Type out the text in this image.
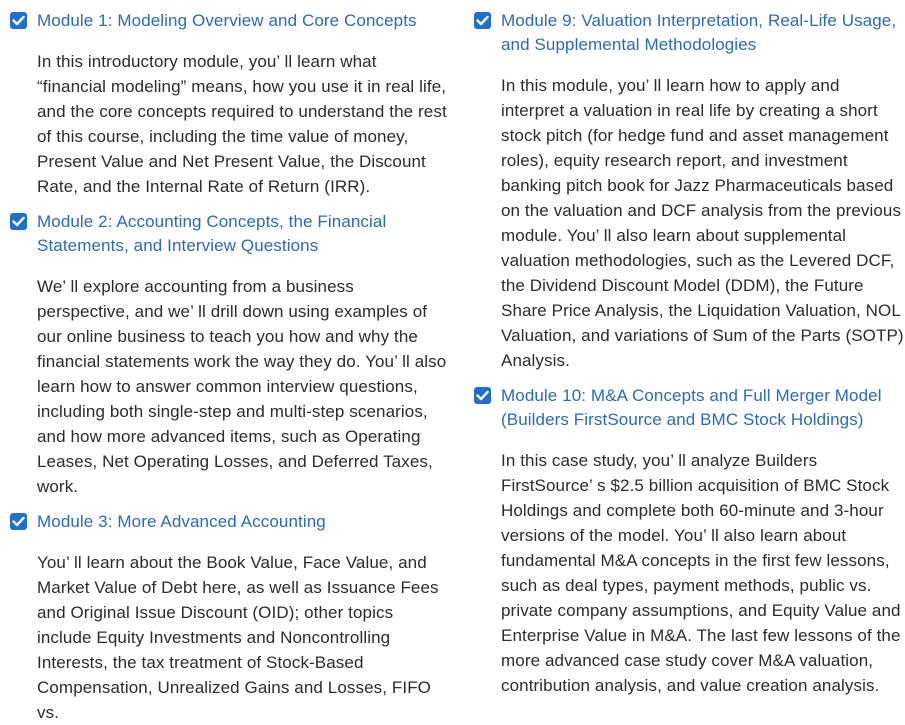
Module 1: Modeling Overview and Core Concepts

In this introductory module, you’ ll learn what “financial modeling” means, how you use it in real life, and the core concepts required to understand the rest of this course, including the time value of money, Present Value and Net Present Value, the Discount Rate, and the Internal Rate of Return (IRR).

Module 2: Accounting Concepts, the Financial Statements, and Interview Questions

We’ ll explore accounting from a business perspective, and we’ ll drill down using examples of our online business to teach you how and why the financial statements work the way they do. You’ ll also learn how to answer common interview questions, including both single-step and multi-step scenarios, and how more advanced items, such as Operating Leases, Net Operating Losses, and Deferred Taxes, work.

Module 3: More Advanced Accounting

You’ ll learn about the Book Value, Face Value, and Market Value of Debt here, as well as Issuance Fees and Original Issue Discount (OID); other topics include Equity Investments and Noncontrolling Interests, the tax treatment of Stock-Based Compensation, Unrealized Gains and Losses, FIFO vs.

Module 9: Valuation Interpretation, Real-Life Usage, and Supplemental Methodologies

In this module, you’ ll learn how to apply and interpret a valuation in real life by creating a short stock pitch (for hedge fund and asset management roles), equity research report, and investment banking pitch book for Jazz Pharmaceuticals based on the valuation and DCF analysis from the previous module. You’ ll also learn about supplemental valuation methodologies, such as the Levered DCF, the Dividend Discount Model (DDM), the Future Share Price Analysis, the Liquidation Valuation, NOL Valuation, and variations of Sum of the Parts (SOTP) Analysis.

Module 10: M&A Concepts and Full Merger Model (Builders FirstSource and BMC Stock Holdings)

In this case study, you’ ll analyze Builders FirstSource’ s $2.5 billion acquisition of BMC Stock Holdings and complete both 60-minute and 3-hour versions of the model. You’ ll also learn about fundamental M&A concepts in the first few lessons, such as deal types, payment methods, public vs. private company assumptions, and Equity Value and Enterprise Value in M&A. The last few lessons of the more advanced case study cover M&A valuation, contribution analysis, and value creation analysis.
